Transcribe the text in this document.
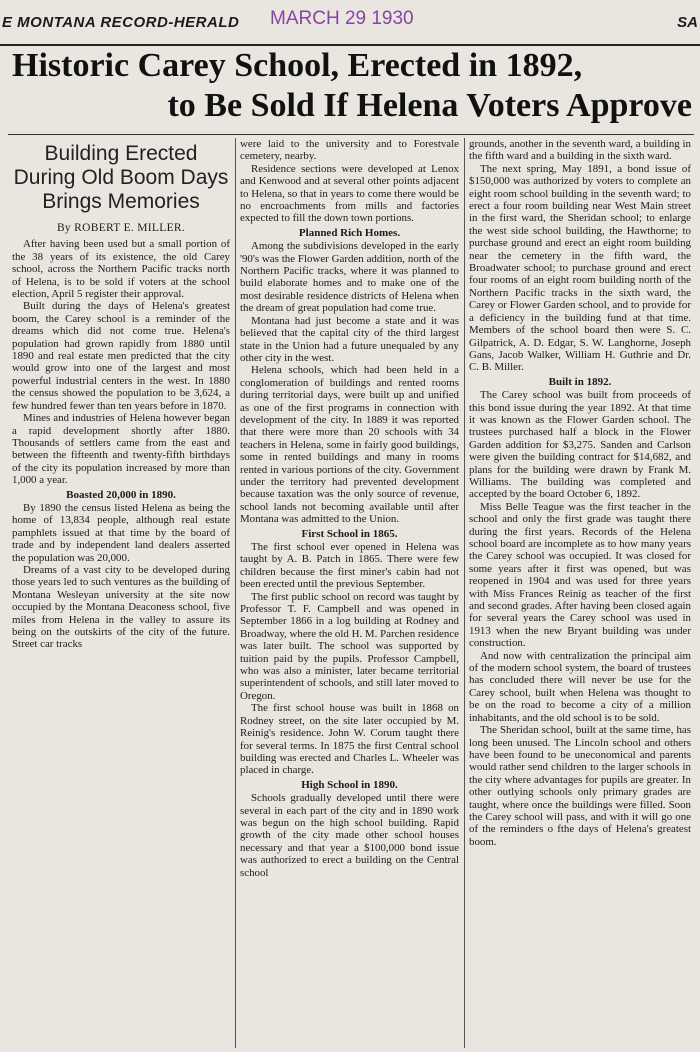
E MONTANA RECORD-HERALD MARCH 29 1930	SA
Historic Carey School, Erected in 1892,
to Be Sold If Helena Voters Approve
Building Erected During Old Boom Days Brings Memories
By ROBERT E. MILLER.

After having been used but a small portion of the 38 years of its existence, the old Carey school, across the Northern Pacific tracks north of Helena, is to be sold if voters at the school election, April 5 register their approval.

Built during the days of Helena's greatest boom, the Carey school is a reminder of the dreams which did not come true. Helena's population had grown rapidly from 1880 until 1890 and real estate men predicted that the city would grow into one of the largest and most powerful industrial centers in the west. In 1880 the census showed the population to be 3,624, a few hundred fewer than ten years before in 1870.

Mines and industries of Helena however began a rapid development shortly after 1880. Thousands of settlers came from the east and between the fifteenth and twenty-fifth birthdays of the city its population increased by more than 1,000 a year.

Boasted 20,000 in 1890.

By 1890 the census listed Helena as being the home of 13,834 people, although real estate pamphlets issued at that time by the board of trade and by independent land dealers asserted the population was 20,000.

Dreams of a vast city to be developed during those years led to such ventures as the building of Montana Wesleyan university at the site now occupied by the Montana Deaconess school, five miles from Helena in the valley to assure its being on the outskirts of the city of the future. Street car tracks

were laid to the university and to Forestvale cemetery, nearby.

Residence sections were developed at Lenox and Kenwood and at several other points adjacent to Helena, so that in years to come there would be no encroachments from mills and factories expected to fill the down town portions.

Planned Rich Homes.

Among the subdivisions developed in the early '90's was the Flower Garden addition, north of the Northern Pacific tracks, where it was planned to build elaborate homes and to make one of the most desirable residence districts of Helena when the dream of great population had come true.

Montana had just become a state and it was believed that the capital city of the third largest state in the Union had a future unequaled by any other city in the west.

Helena schools, which had been held in a conglomeration of buildings and rented rooms during territorial days, were built up and unified as one of the first programs in connection with development of the city. In 1889 it was reported that there were more than 20 schools with 34 teachers in Helena, some in fairly good buildings, some in rented buildings and many in rooms rented in various portions of the city. Government under the territory had prevented development because taxation was the only source of revenue, school lands not becoming available until after Montana was admitted to the Union.

First School in 1865.

The first school ever opened in Helena was taught by A. B. Patch in 1865. There were few children because the first miner's cabin had not been erected until the previous September.

The first public school on record was taught by Professor T. F. Campbell and was opened in September 1866 in a log building at Rodney and Broadway, where the old H. M. Parchen residence was later built. The school was supported by tuition paid by the pupils. Professor Campbell, who was also a minister, later became territorial superintendent of schools, and still later moved to Oregon.

The first school house was built in 1868 on Rodney street, on the site later occupied by M. Reinig's residence. John W. Corum taught there for several terms. In 1875 the first Central school building was erected and Charles L. Wheeler was placed in charge.

High School in 1890.

Schools gradually developed until there were several in each part of the city and in 1890 work was begun on the high school building. Rapid growth of the city made other school houses necessary and that year a $100,000 bond issue was authorized to erect a building on the Central school

grounds, another in the seventh ward, a building in the fifth ward and a building in the sixth ward.

The next spring, May 1891, a bond issue of $150,000 was authorized by voters to complete an eight room school building in the seventh ward; to erect a four room building near West Main street in the first ward, the Sheridan school; to enlarge the west side school building, the Hawthorne; to purchase ground and erect an eight room building near the cemetery in the fifth ward, the Broadwater school; to purchase ground and erect four rooms of an eight room building north of the Northern Pacific tracks in the sixth ward, the Carey or Flower Garden school, and to provide for a deficiency in the building fund at that time. Members of the school board then were S. C. Gilpatrick, A. D. Edgar, S. W. Langhorne, Joseph Gans, Jacob Walker, William H. Guthrie and Dr. C. B. Miller.

Built in 1892.

The Carey school was built from proceeds of this bond issue during the year 1892. At that time it was known as the Flower Garden school. The trustees purchased half a block in the Flower Garden addition for $3,275. Sanden and Carlson were given the building contract for $14,682, and plans for the building were drawn by Frank M. Williams. The building was completed and accepted by the board October 6, 1892.

Miss Belle Teague was the first teacher in the school and only the first grade was taught there during the first years. Records of the Helena school board are incomplete as to how many years the Carey school was occupied. It was closed for some years after it first was opened, but was reopened in 1904 and was used for three years with Miss Frances Reinig as teacher of the first and second grades. After having been closed again for several years the Carey school was used in 1913 when the new Bryant building was under construction.

And now with centralization the principal aim of the modern school system, the board of trustees has concluded there will never be use for the Carey school, built when Helena was thought to be on the road to become a city of a million inhabitants, and the old school is to be sold.

The Sheridan school, built at the same time, has long been unused. The Lincoln school and others have been found to be uneconomical and parents would rather send children to the larger schools in the city where advantages for pupils are greater. In other outlying schools only primary grades are taught, where once the buildings were filled. Soon the Carey school will pass, and with it will go one of the reminders o fthe days of Helena's greatest boom.
